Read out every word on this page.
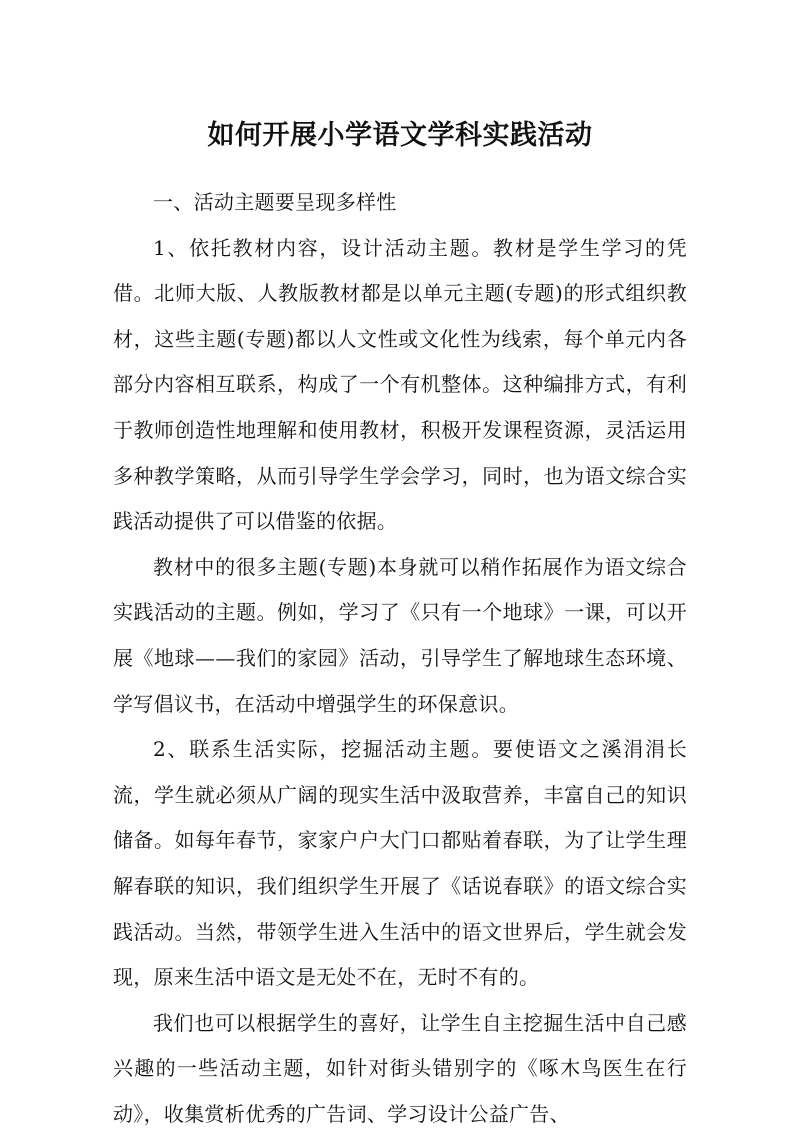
如何开展小学语文学科实践活动

一、活动主题要呈现多样性

1、依托教材内容，设计活动主题。教材是学生学习的凭借。北师大版、人教版教材都是以单元主题(专题)的形式组织教材，这些主题(专题)都以人文性或文化性为线索，每个单元内各部分内容相互联系，构成了一个有机整体。这种编排方式，有利于教师创造性地理解和使用教材，积极开发课程资源，灵活运用多种教学策略，从而引导学生学会学习，同时，也为语文综合实践活动提供了可以借鉴的依据。

教材中的很多主题(专题)本身就可以稍作拓展作为语文综合实践活动的主题。例如，学习了《只有一个地球》一课，可以开展《地球——我们的家园》活动，引导学生了解地球生态环境、学写倡议书，在活动中增强学生的环保意识。

2、联系生活实际，挖掘活动主题。要使语文之溪涓涓长流，学生就必须从广阔的现实生活中汲取营养，丰富自己的知识储备。如每年春节，家家户户大门口都贴着春联，为了让学生理解春联的知识，我们组织学生开展了《话说春联》的语文综合实践活动。当然，带领学生进入生活中的语文世界后，学生就会发现，原来生活中语文是无处不在，无时不有的。

我们也可以根据学生的喜好，让学生自主挖掘生活中自己感兴趣的一些活动主题，如针对街头错别字的《啄木鸟医生在行动》，收集赏析优秀的广告词、学习设计公益广告、
